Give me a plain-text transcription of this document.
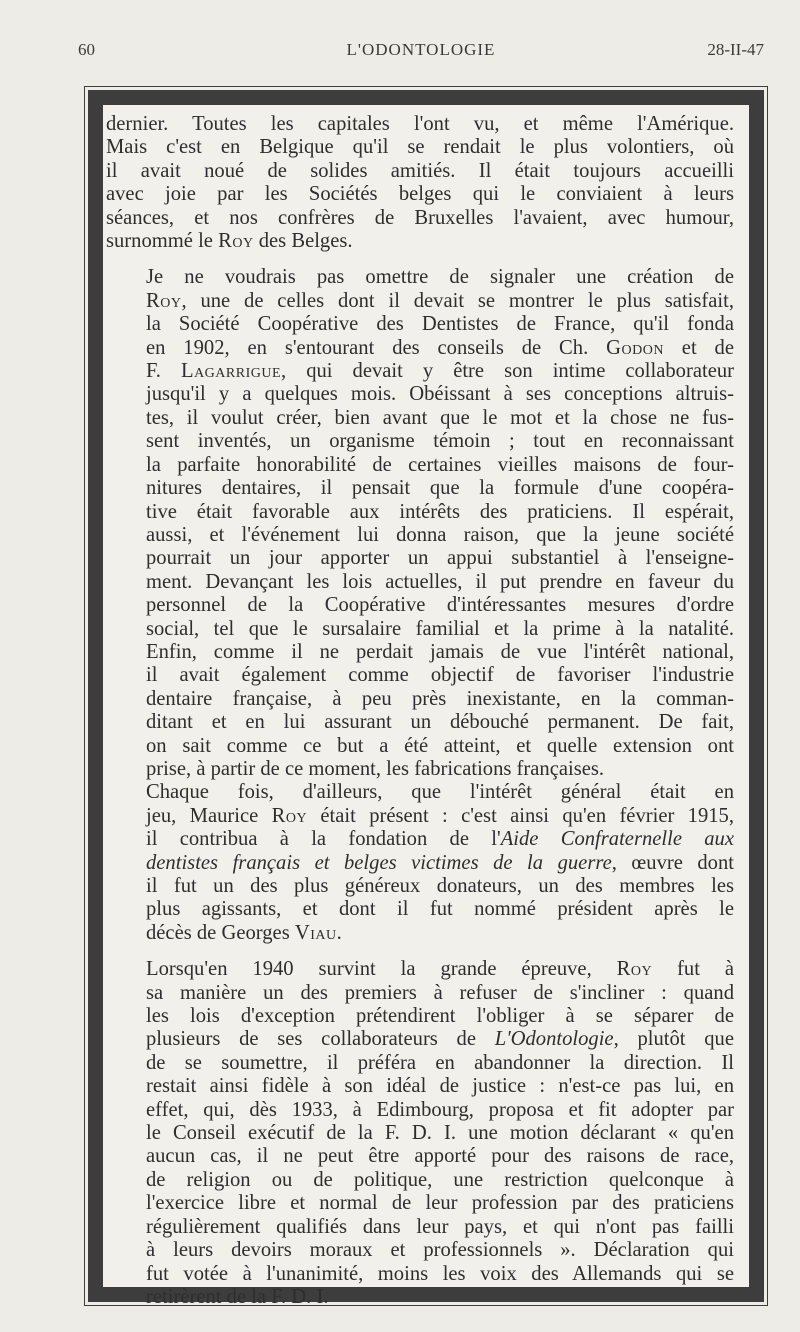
60	L'ODONTOLOGIE	28-II-47

dernier. Toutes les capitales l'ont vu, et même l'Amérique.
Mais c'est en Belgique qu'il se rendait le plus volontiers, où
il avait noué de solides amitiés. Il était toujours accueilli
avec joie par les Sociétés belges qui le conviaient à leurs
séances, et nos confrères de Bruxelles l'avaient, avec humour,
surnommé le Roy des Belges.

Je ne voudrais pas omettre de signaler une création de
Roy, une de celles dont il devait se montrer le plus satisfait,
la Société Coopérative des Dentistes de France, qu'il fonda
en 1902, en s'entourant des conseils de Ch. Godon et de
F. Lagarrigue, qui devait y être son intime collaborateur
jusqu'il y a quelques mois. Obéissant à ses conceptions altruis-
tes, il voulut créer, bien avant que le mot et la chose ne fus-
sent inventés, un organisme témoin ; tout en reconnaissant
la parfaite honorabilité de certaines vieilles maisons de four-
nitures dentaires, il pensait que la formule d'une coopéra-
tive était favorable aux intérêts des praticiens. Il espérait,
aussi, et l'événement lui donna raison, que la jeune société
pourrait un jour apporter un appui substantiel à l'enseigne-
ment. Devançant les lois actuelles, il put prendre en faveur du
personnel de la Coopérative d'intéressantes mesures d'ordre
social, tel que le sursalaire familial et la prime à la natalité.
Enfin, comme il ne perdait jamais de vue l'intérêt national,
il avait également comme objectif de favoriser l'industrie
dentaire française, à peu près inexistante, en la comman-
ditant et en lui assurant un débouché permanent. De fait,
on sait comme ce but a été atteint, et quelle extension ont
prise, à partir de ce moment, les fabrications françaises.

Chaque fois, d'ailleurs, que l'intérêt général était en
jeu, Maurice Roy était présent : c'est ainsi qu'en février 1915,
il contribua à la fondation de l'Aide Confraternelle aux
dentistes français et belges victimes de la guerre, œuvre dont
il fut un des plus généreux donateurs, un des membres les
plus agissants, et dont il fut nommé président après le
décès de Georges Viau.

Lorsqu'en 1940 survint la grande épreuve, Roy fut à
sa manière un des premiers à refuser de s'incliner : quand
les lois d'exception prétendirent l'obliger à se séparer de
plusieurs de ses collaborateurs de L'Odontologie, plutôt que
de se soumettre, il préféra en abandonner la direction. Il
restait ainsi fidèle à son idéal de justice : n'est-ce pas lui, en
effet, qui, dès 1933, à Edimbourg, proposa et fit adopter par
le Conseil exécutif de la F. D. I. une motion déclarant « qu'en
aucun cas, il ne peut être apporté pour des raisons de race,
de religion ou de politique, une restriction quelconque à
l'exercice libre et normal de leur profession par des praticiens
régulièrement qualifiés dans leur pays, et qui n'ont pas failli
à leurs devoirs moraux et professionnels ». Déclaration qui
fut votée à l'unanimité, moins les voix des Allemands qui se
retirèrent de la F. D. I.
